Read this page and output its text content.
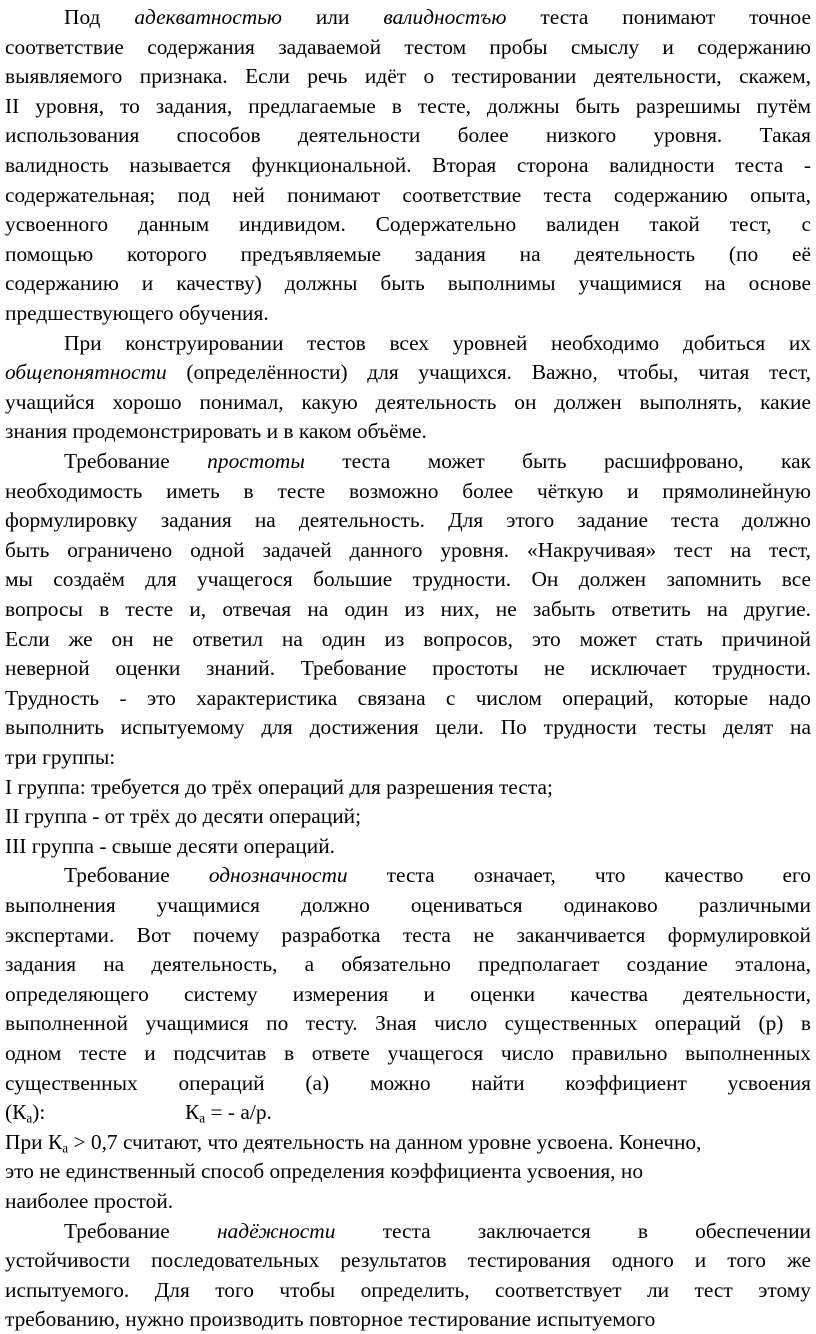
Под адекватностью или валидностъю теста понимают точное
соответствие содержания задаваемой тестом пробы смыслу и содержанию
выявляемого признака. Если речь идёт о тестировании деятельности, скажем,
II уровня, то задания, предлагаемые в тесте, должны быть разрешимы путём
использования способов деятельности более низкого уровня. Такая
валидность называется функциональной. Вторая сторона валидности теста -
содержательная; под ней понимают соответствие теста содержанию опыта,
усвоенного данным индивидом. Содержательно валиден такой тест, с
помощью которого предъявляемые задания на деятельность (по её
содержанию и качеству) должны быть выполнимы учащимися на основе
предшествующего обучения.
При конструировании тестов всех уровней необходимо добиться их
общепонятности (определённости) для учащихся. Важно, чтобы, читая тест,
учащийся хорошо понимал, какую деятельность он должен выполнять, какие
знания продемонстрировать и в каком объёме.
Требование простоты теста может быть расшифровано, как
необходимость иметь в тесте возможно более чёткую и прямолинейную
формулировку задания на деятельность. Для этого задание теста должно
быть ограничено одной задачей данного уровня. «Накручивая» тест на тест,
мы создаём для учащегося большие трудности. Он должен запомнить все
вопросы в тесте и, отвечая на один из них, не забыть ответить на другие.
Если же он не ответил на один из вопросов, это может стать причиной
неверной оценки знаний. Требование простоты не исключает трудности.
Трудность - это характеристика связана с числом операций, которые надо
выполнить испытуемому для достижения цели. По трудности тесты делят на
три группы:
I группа: требуется до трёх операций для разрешения теста;
II группа - от трёх до десяти операций;
III группа - свыше десяти операций.
Требование однозначности теста означает, что качество его
выполнения учащимися должно оцениваться одинаково различными
экспертами. Вот почему разработка теста не заканчивается формулировкой
задания на деятельность, а обязательно предполагает создание эталона,
определяющего систему измерения и оценки качества деятельности,
выполненной учащимися по тесту. Зная число существенных операций (р) в
одном тесте и подсчитав в ответе учащегося число правильно выполненных
существенных операций (а) можно найти коэффициент усвоения
$(К_а)$:	$К_а$ = - а/р.
При $К_а > 0,7$ считают, что деятельность на данном уровне усвоена. Конечно,
это не единственный способ определения коэффициента усвоения, но
наиболее простой.
Требование надёжности теста заключается в обеспечении
устойчивости последовательных результатов тестирования одного и того же
испытуемого. Для того чтобы определить, соответствует ли тест этому
требованию, нужно производить повторное тестирование испытуемого
